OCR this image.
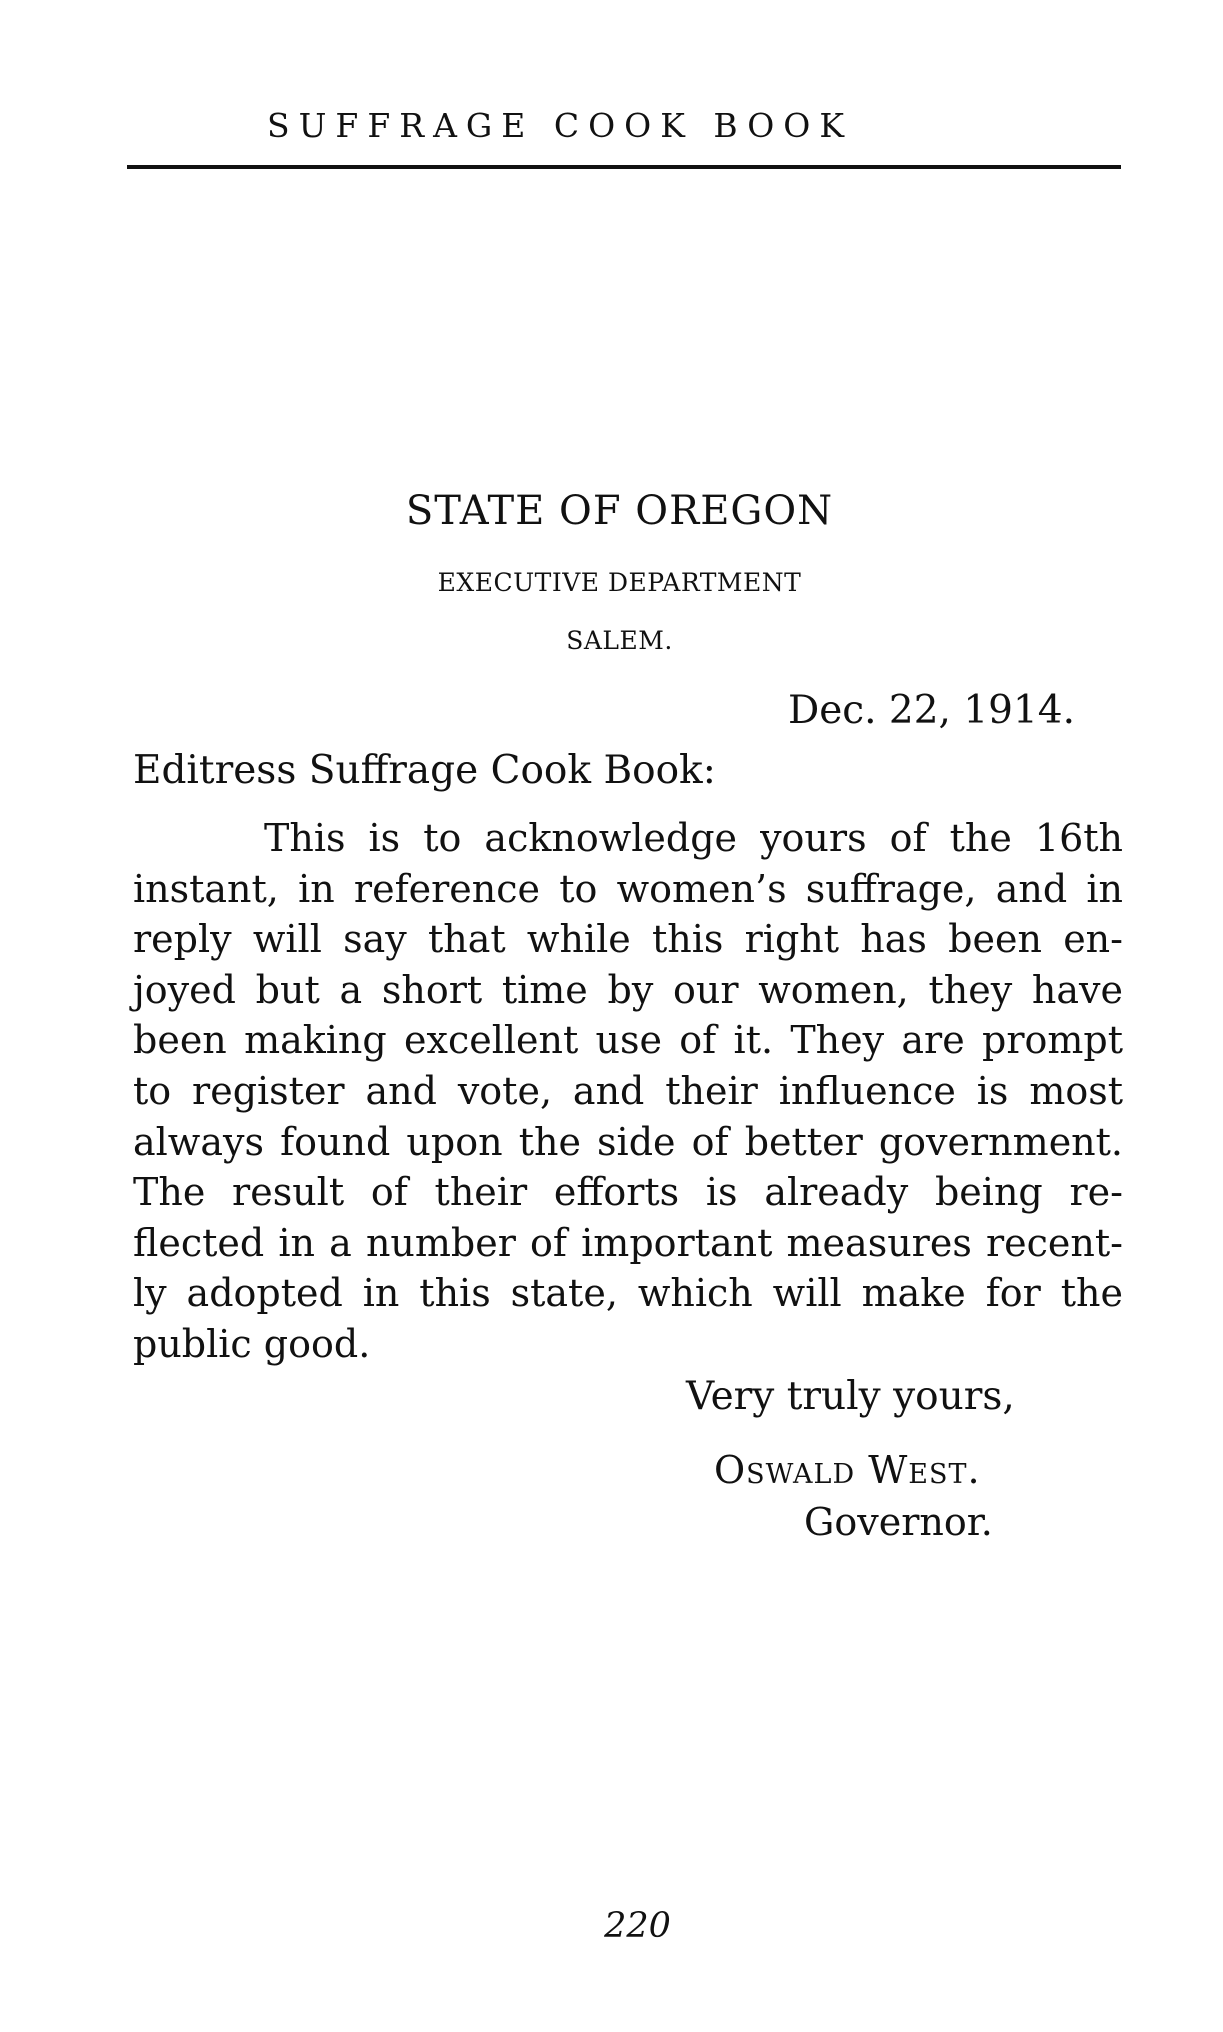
SUFFRAGE COOK BOOK
STATE OF OREGON
EXECUTIVE DEPARTMENT
SALEM.
Dec. 22, 1914.
Editress Suffrage Cook Book:
This is to acknowledge yours of the 16th instant, in reference to women’s suffrage, and in reply will say that while this right has been enjoyed but a short time by our women, they have been making excellent use of it. They are prompt to register and vote, and their influence is most always found upon the side of better government. The result of their efforts is already being reflected in a number of important measures recently adopted in this state, which will make for the public good.
Very truly yours,
Oswald West.
Governor.
220
